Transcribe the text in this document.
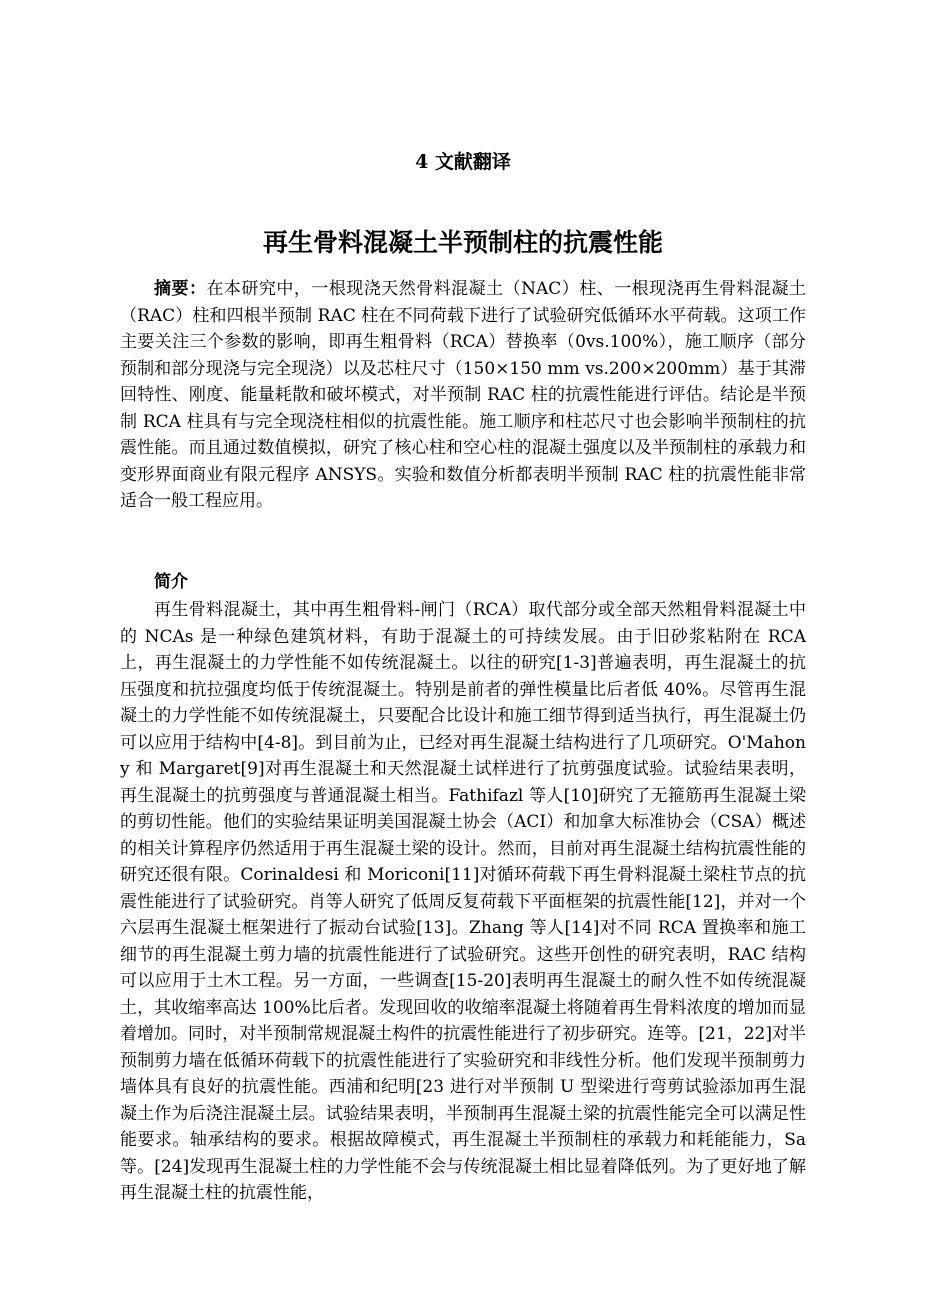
4 文献翻译
再生骨料混凝土半预制柱的抗震性能

摘要：在本研究中，一根现浇天然骨料混凝土（NAC）柱、一根现浇再生骨料混凝土（RAC）柱和四根半预制 RAC 柱在不同荷载下进行了试验研究低循环水平荷载。这项工作主要关注三个参数的影响，即再生粗骨料（RCA）替换率（0vs.100%），施工顺序（部分预制和部分现浇与完全现浇）以及芯柱尺寸（150×150 mm vs.200×200mm）基于其滞回特性、刚度、能量耗散和破坏模式，对半预制 RAC 柱的抗震性能进行评估。结论是半预制 RCA 柱具有与完全现浇柱相似的抗震性能。施工顺序和柱芯尺寸也会影响半预制柱的抗震性能。而且通过数值模拟，研究了核心柱和空心柱的混凝土强度以及半预制柱的承载力和变形界面商业有限元程序 ANSYS。实验和数值分析都表明半预制 RAC 柱的抗震性能非常适合一般工程应用。

简介

再生骨料混凝土，其中再生粗骨料-闸门（RCA）取代部分或全部天然粗骨料混凝土中的 NCAs 是一种绿色建筑材料，有助于混凝土的可持续发展。由于旧砂浆粘附在 RCA 上，再生混凝土的力学性能不如传统混凝土。以往的研究[1-3]普遍表明，再生混凝土的抗压强度和抗拉强度均低于传统混凝土。特别是前者的弹性模量比后者低 40%。尽管再生混凝土的力学性能不如传统混凝土，只要配合比设计和施工细节得到适当执行，再生混凝土仍可以应用于结构中[4-8]。到目前为止，已经对再生混凝土结构进行了几项研究。O'Mahony 和 Margaret[9]对再生混凝土和天然混凝土试样进行了抗剪强度试验。试验结果表明，再生混凝土的抗剪强度与普通混凝土相当。Fathifazl 等人[10]研究了无箍筋再生混凝土梁的剪切性能。他们的实验结果证明美国混凝土协会（ACI）和加拿大标准协会（CSA）概述的相关计算程序仍然适用于再生混凝土梁的设计。然而，目前对再生混凝土结构抗震性能的研究还很有限。Corinaldesi 和 Moriconi[11]对循环荷载下再生骨料混凝土梁柱节点的抗震性能进行了试验研究。肖等人研究了低周反复荷载下平面框架的抗震性能[12]，并对一个六层再生混凝土框架进行了振动台试验[13]。Zhang 等人[14]对不同 RCA 置换率和施工细节的再生混凝土剪力墙的抗震性能进行了试验研究。这些开创性的研究表明，RAC 结构可以应用于土木工程。另一方面，一些调查[15-20]表明再生混凝土的耐久性不如传统混凝土，其收缩率高达 100%比后者。发现回收的收缩率混凝土将随着再生骨料浓度的增加而显着增加。同时，对半预制常规混凝土构件的抗震性能进行了初步研究。连等。[21，22]对半预制剪力墙在低循环荷载下的抗震性能进行了实验研究和非线性分析。他们发现半预制剪力墙体具有良好的抗震性能。西浦和纪明[23 进行对半预制 U 型梁进行弯剪试验添加再生混凝土作为后浇注混凝土层。试验结果表明，半预制再生混凝土梁的抗震性能完全可以满足性能要求。轴承结构的要求。根据故障模式，再生混凝土半预制柱的承载力和耗能能力，Sa 等。[24]发现再生混凝土柱的力学性能不会与传统混凝土相比显着降低列。为了更好地了解再生混凝土柱的抗震性能，
